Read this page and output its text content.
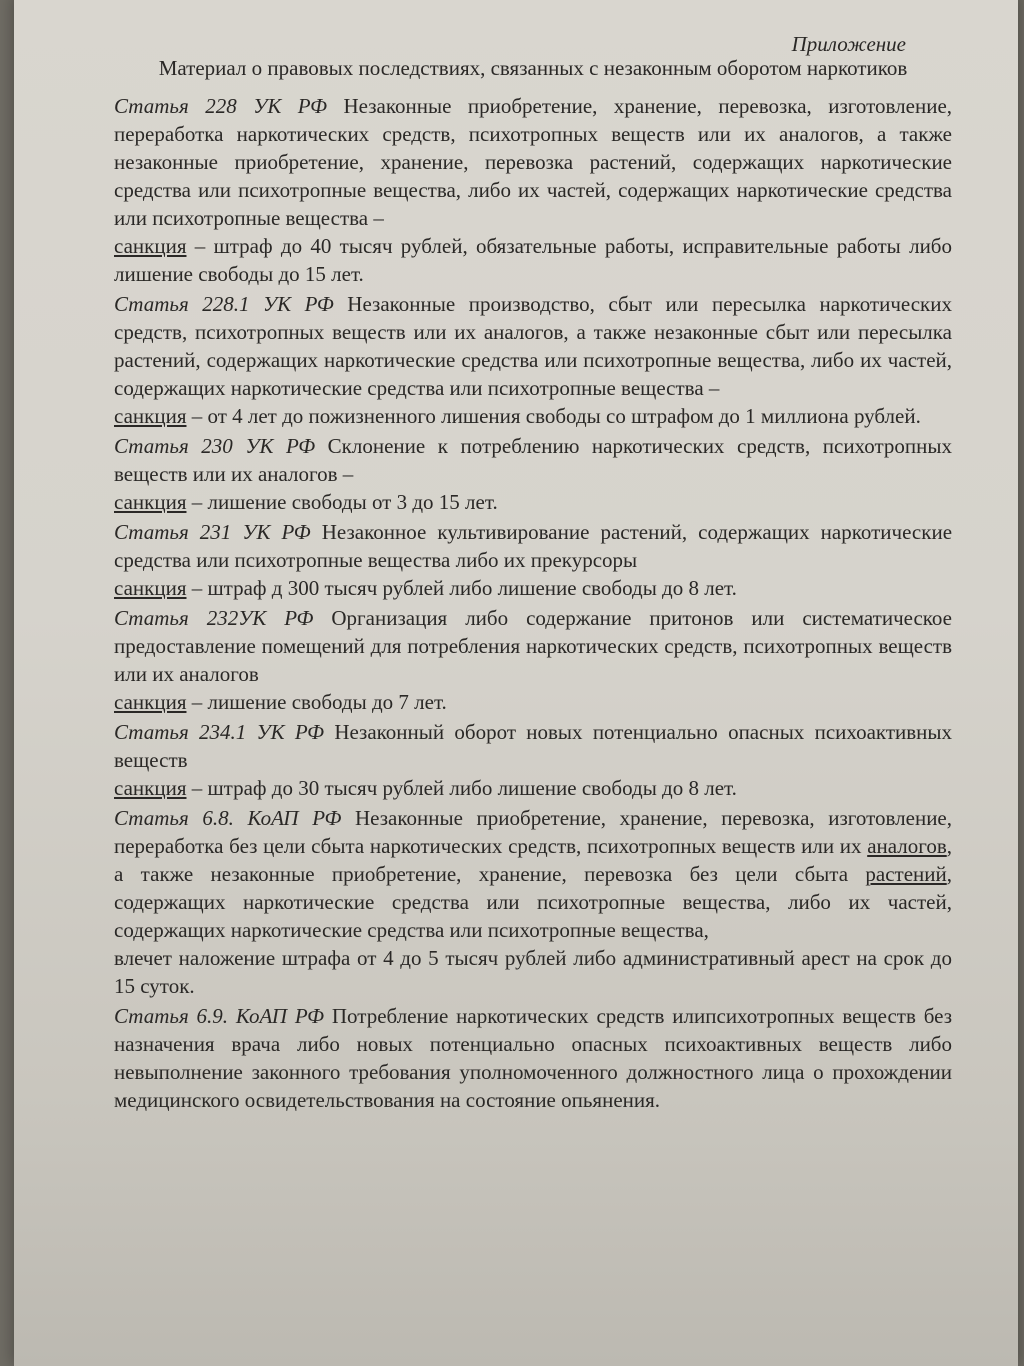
Приложение
Материал о правовых последствиях, связанных с незаконным оборотом наркотиков
Статья 228 УК РФ Незаконные приобретение, хранение, перевозка, изготовление, переработка наркотических средств, психотропных веществ или их аналогов, а также незаконные приобретение, хранение, перевозка растений, содержащих наркотические средства или психотропные вещества, либо их частей, содержащих наркотические средства или психотропные вещества –
санкция – штраф до 40 тысяч рублей, обязательные работы, исправительные работы либо лишение свободы до 15 лет.
Статья 228.1 УК РФ Незаконные производство, сбыт или пересылка наркотических средств, психотропных веществ или их аналогов, а также незаконные сбыт или пересылка растений, содержащих наркотические средства или психотропные вещества, либо их частей, содержащих наркотические средства или психотропные вещества –
санкция – от 4 лет до пожизненного лишения свободы со штрафом до 1 миллиона рублей.
Статья 230 УК РФ Склонение к потреблению наркотических средств, психотропных веществ или их аналогов –
санкция – лишение свободы от 3 до 15 лет.
Статья 231 УК РФ Незаконное культивирование растений, содержащих наркотические средства или психотропные вещества либо их прекурсоры
санкция – штраф д 300 тысяч рублей либо лишение свободы до 8 лет.
Статья 232УК РФ Организация либо содержание притонов или систематическое предоставление помещений для потребления наркотических средств, психотропных веществ или их аналогов
санкция – лишение свободы до 7 лет.
Статья 234.1 УК РФ Незаконный оборот новых потенциально опасных психоактивных веществ
санкция – штраф до 30 тысяч рублей либо лишение свободы до 8 лет.
Статья 6.8. КоАП РФ Незаконные приобретение, хранение, перевозка, изготовление, переработка без цели сбыта наркотических средств, психотропных веществ или их аналогов, а также незаконные приобретение, хранение, перевозка без цели сбыта растений, содержащих наркотические средства или психотропные вещества, либо их частей, содержащих наркотические средства или психотропные вещества,
влечет наложение штрафа от 4 до 5 тысяч рублей либо административный арест на срок до 15 суток.
Статья 6.9. КоАП РФ Потребление наркотических средств илипсихотропных веществ без назначения врача либо новых потенциально опасных психоактивных веществ либо невыполнение законного требования уполномоченного должностного лица о прохождении медицинского освидетельствования на состояние опьянения.
